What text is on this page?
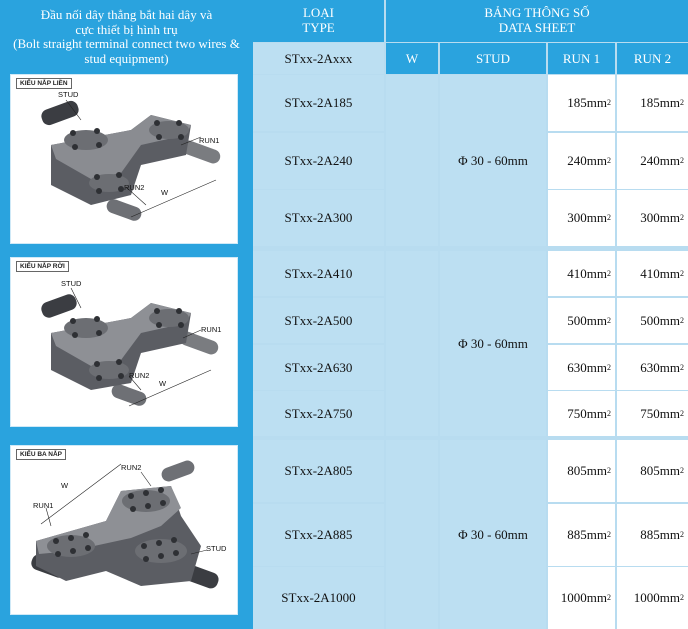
Đầu nối dây thẳng bắt hai dây và
cực thiết bị hình trụ
(Bolt straight terminal connect two wires &
stud equipment)
STUD
RUN1
RUN2
W
KIỂU NẮP LIỀN
STUD
RUN1
RUN2
W
KIỂU NẮP RỜI
STUD
RUN1
RUN2
W
KIỂU BA NẮP
LOẠI
TYPE
BẢNG THÔNG SỐ
DATA SHEET
STxx-2Axxx	W	STUD	RUN 1	RUN 2
Φ 30 - 60mm
STxx-2A185	185mm 2 185mm 2
STxx-2A240	240mm 2 240mm 2
STxx-2A300	300mm 2 300mm 2
Φ 30 - 60mm
STxx-2A410	410mm 2 410mm 2
STxx-2A500	500mm 2 500mm 2
STxx-2A630	630mm 2 630mm 2
STxx-2A750	750mm 2 750mm 2
Φ 30 - 60mm
STxx-2A805	805mm 2 805mm 2
STxx-2A885	885mm 2 885mm 2
STxx-2A1000	1000mm 2 1000mm 2
